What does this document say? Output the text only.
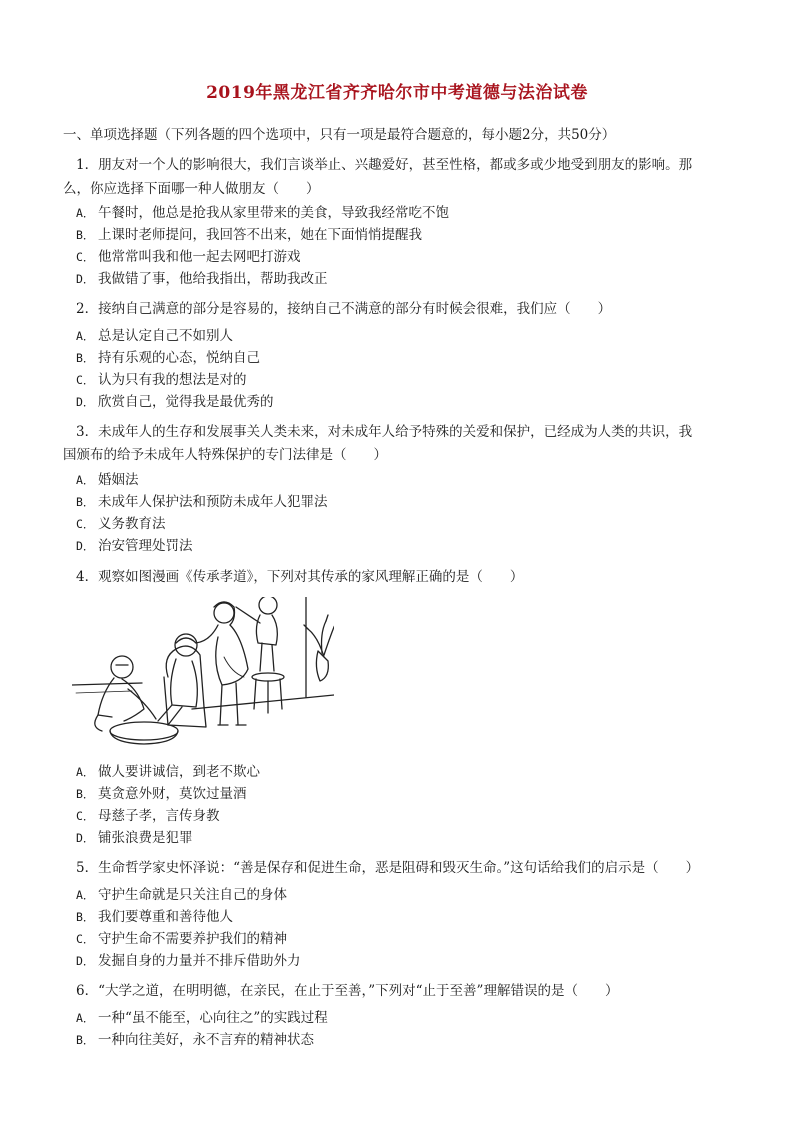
2019年黑龙江省齐齐哈尔市中考道德与法治试卷
一、单项选择题（下列各题的四个选项中，只有一项是最符合题意的，每小题2分，共50分）
1．朋友对一个人的影响很大，我们言谈举止、兴趣爱好，甚至性格，都或多或少地受到朋友的影响。那
么，你应选择下面哪一种人做朋友（　　）
A． 午餐时，他总是抢我从家里带来的美食，导致我经常吃不饱
B． 上课时老师提问，我回答不出来，她在下面悄悄提醒我
C． 他常常叫我和他一起去网吧打游戏
D． 我做错了事，他给我指出，帮助我改正
2．接纳自己满意的部分是容易的，接纳自己不满意的部分有时候会很难，我们应（　　）
A． 总是认定自己不如别人
B． 持有乐观的心态，悦纳自己
C． 认为只有我的想法是对的
D． 欣赏自己，觉得我是最优秀的
3．未成年人的生存和发展事关人类未来，对未成年人给予特殊的关爱和保护，已经成为人类的共识，我
国颁布的给予未成年人特殊保护的专门法律是（　　）
A． 婚姻法
B． 未成年人保护法和预防未成年人犯罪法
C． 义务教育法
D． 治安管理处罚法
4．观察如图漫画《传承孝道》，下列对其传承的家风理解正确的是（　　）
A． 做人要讲诚信，到老不欺心
B． 莫贪意外财，莫饮过量酒
C． 母慈子孝，言传身教
D． 铺张浪费是犯罪
5．生命哲学家史怀泽说：“善是保存和促进生命，恶是阻碍和毁灭生命。”这句话给我们的启示是（　　）
A． 守护生命就是只关注自己的身体
B． 我们要尊重和善待他人
C． 守护生命不需要养护我们的精神
D． 发掘自身的力量并不排斥借助外力
6．“大学之道，在明明德，在亲民，在止于至善，”下列对“止于至善”理解错误的是（　　）
A． 一种“虽不能至，心向往之”的实践过程
B． 一种向往美好，永不言弃的精神状态
